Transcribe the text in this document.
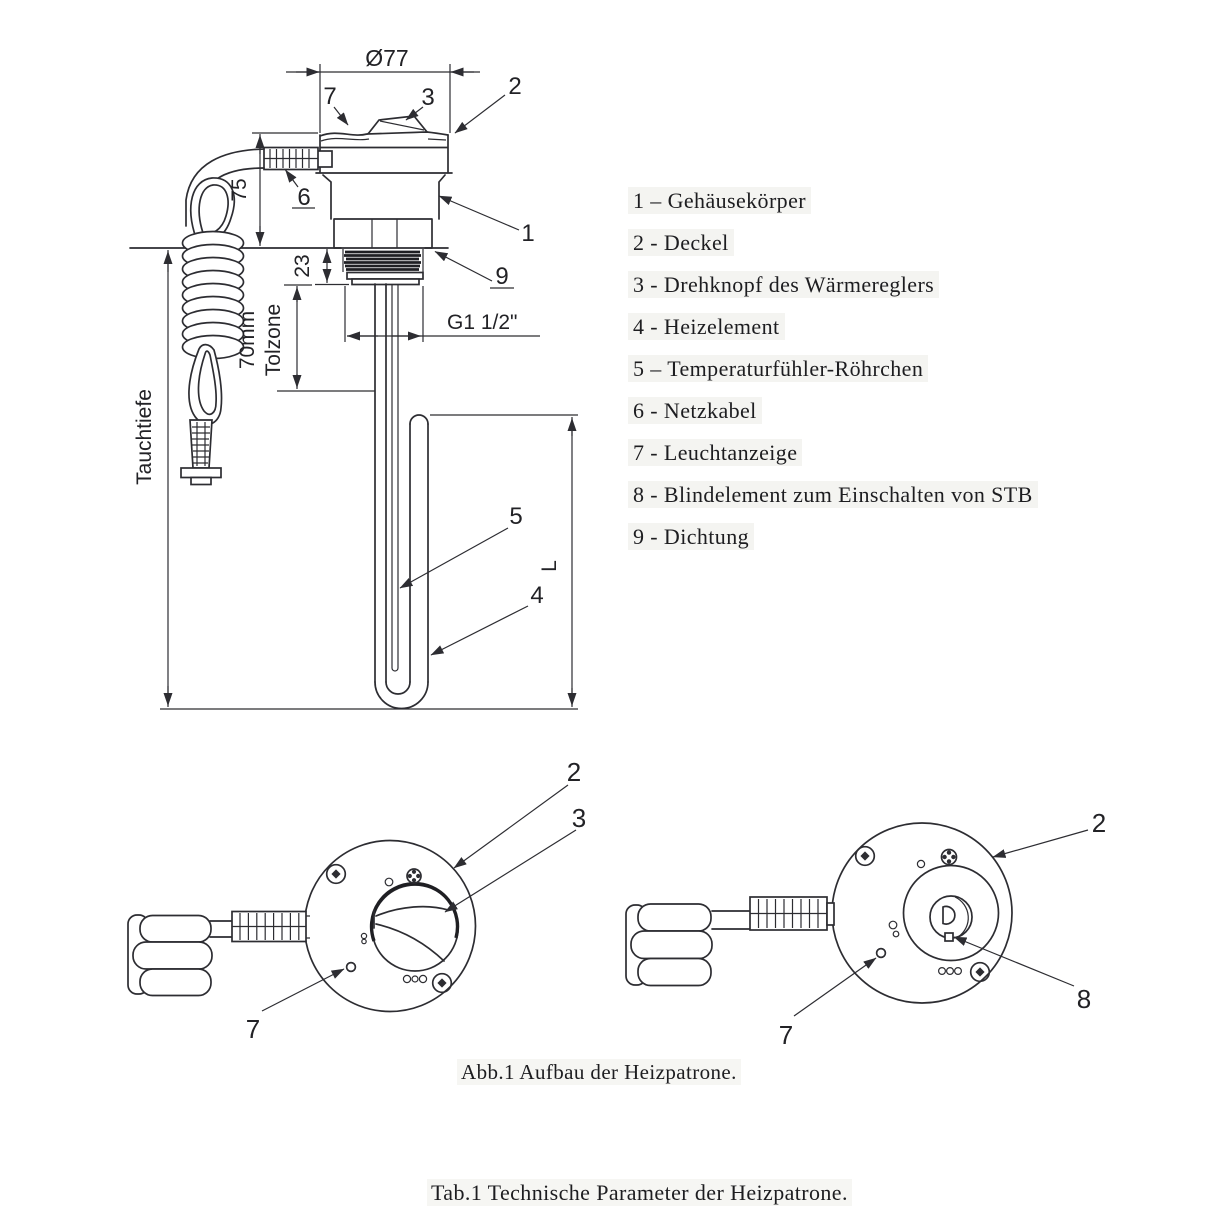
Ø77
75
Tauchtiefe
23
70mm Tolzone	G1 1/2"
L
7	3	2
6
1
9
5
4
2
3
7
2
8
7
1 – Gehäusekörper
2 - Deckel
3 - Drehknopf des Wärmereglers
4 - Heizelement
5 – Temperaturfühler-Röhrchen
6 - Netzkabel
7 - Leuchtanzeige
8 - Blindelement zum Einschalten von STB
9 - Dichtung
Abb.1 Aufbau der Heizpatrone.
Tab.1 Technische Parameter der Heizpatrone.
